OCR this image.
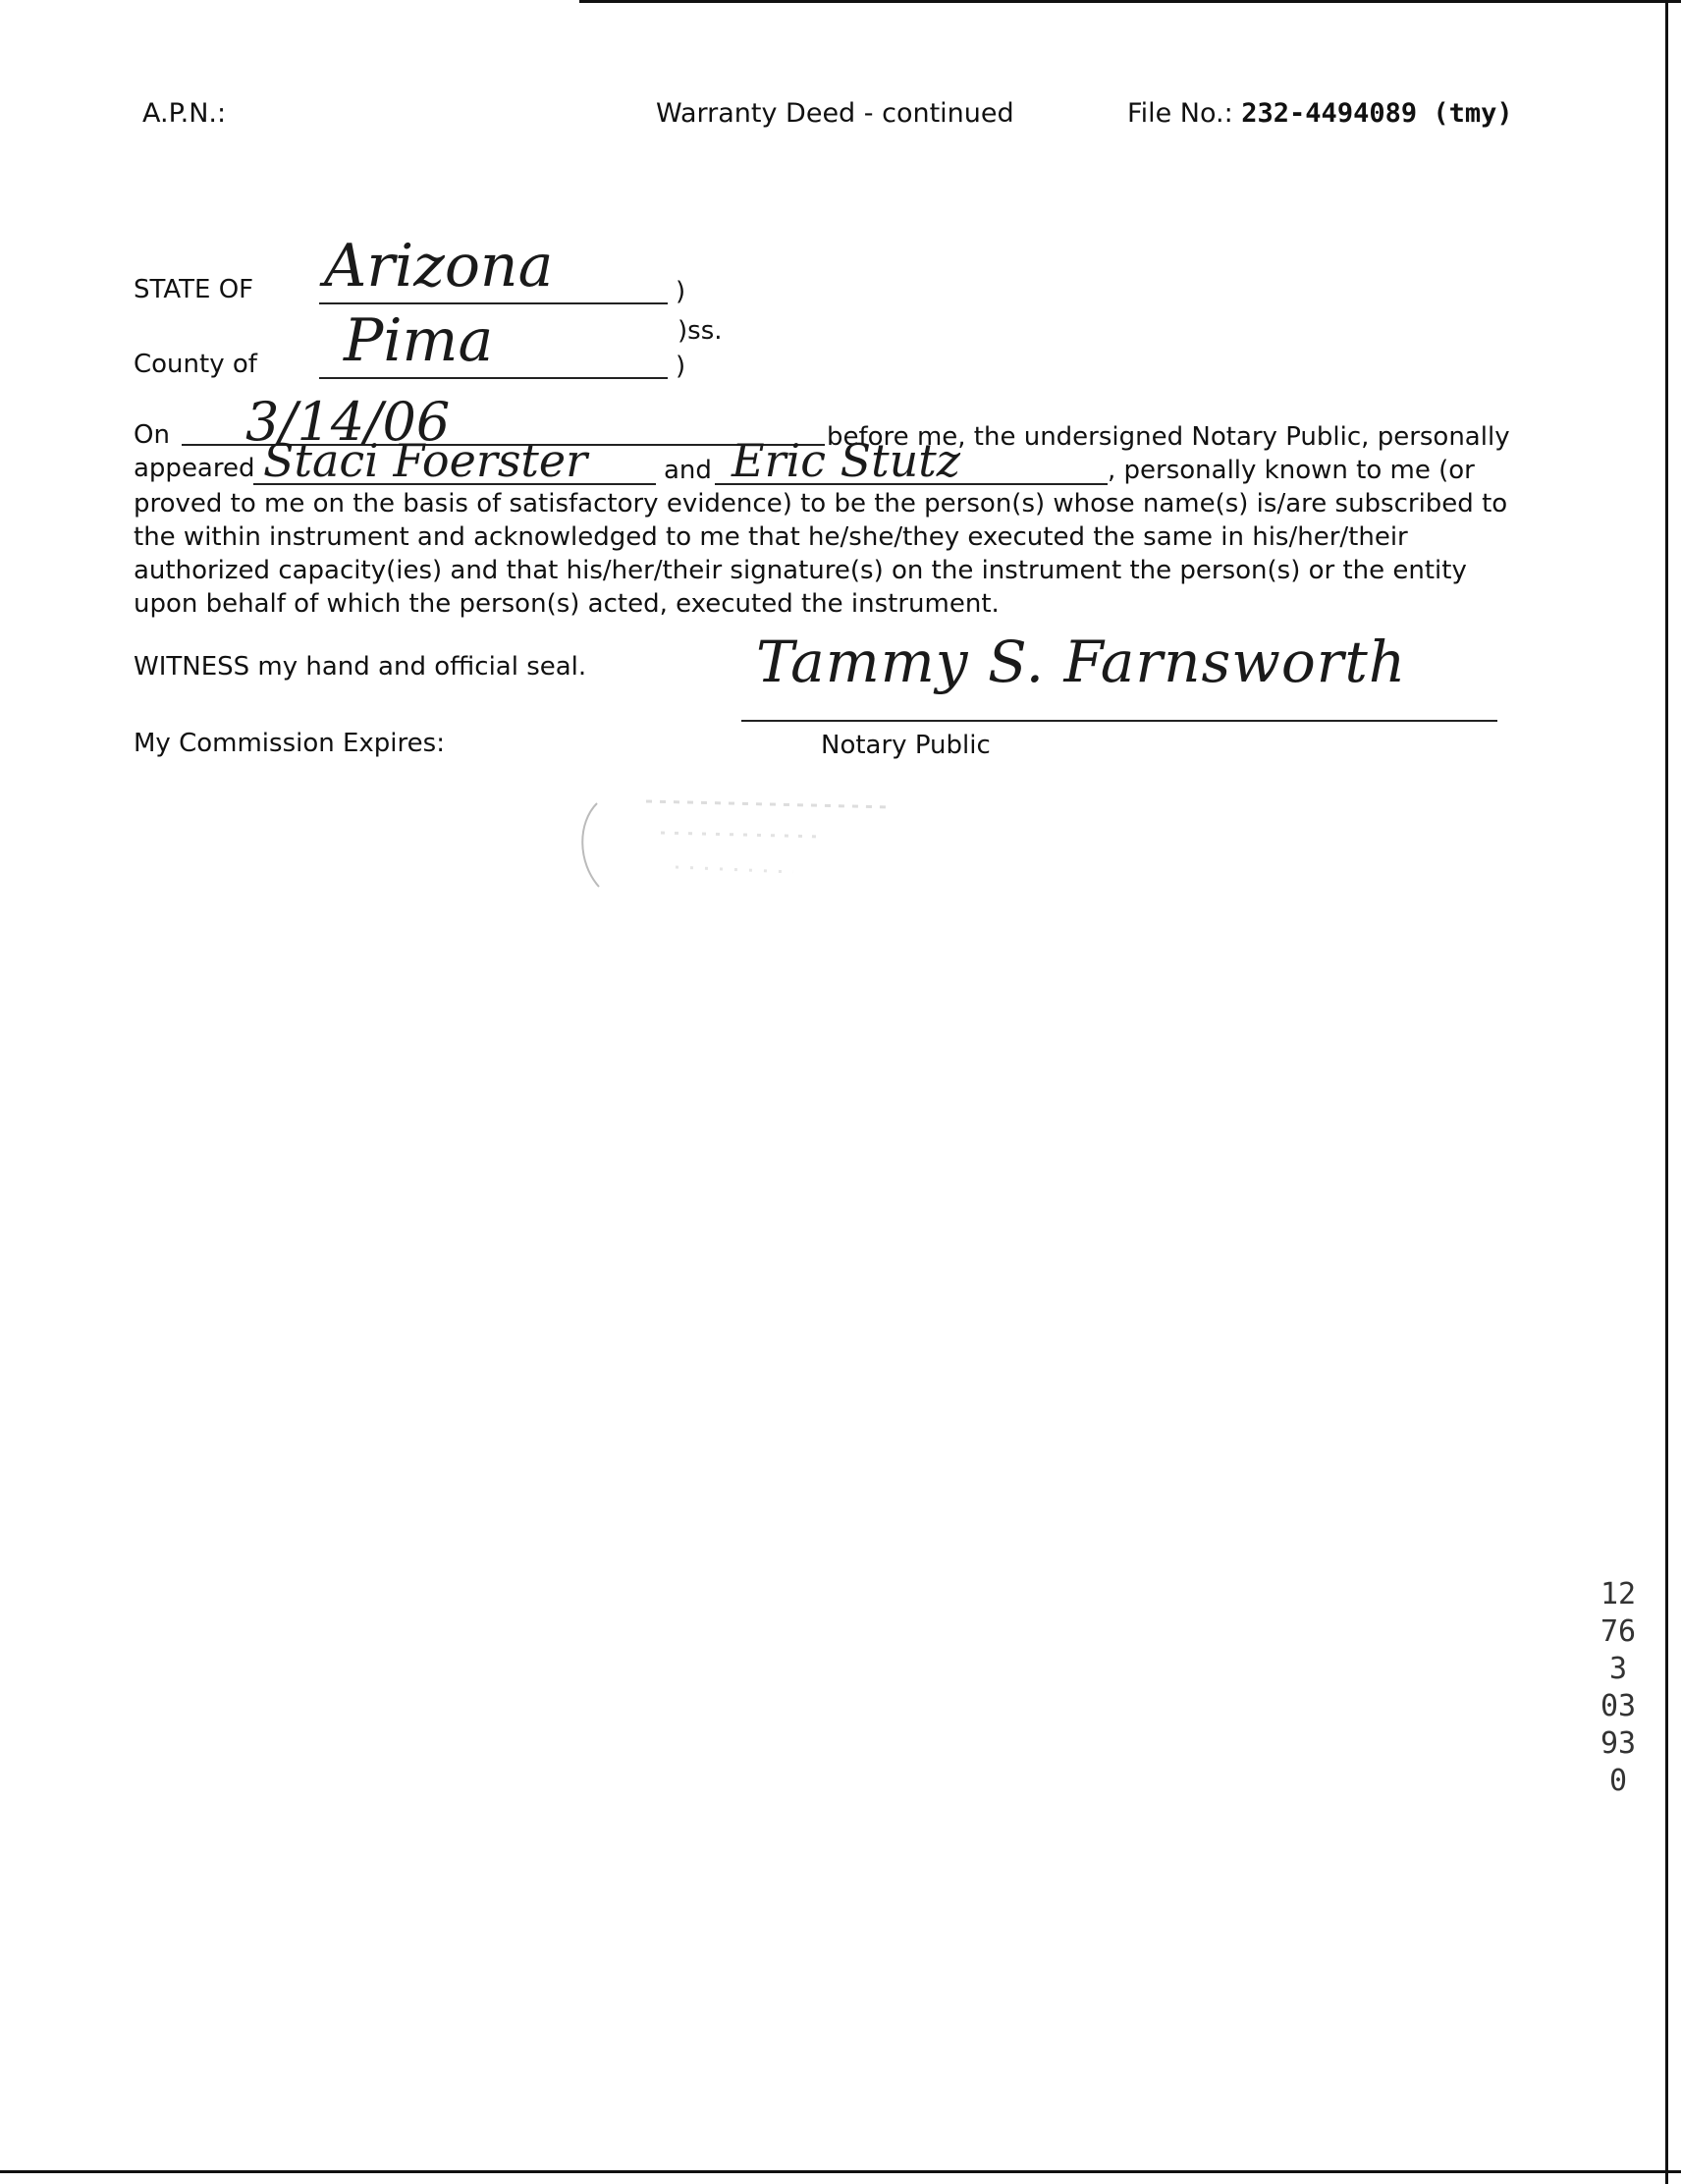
A.P.N.:	Warranty Deed - continued	File No.: 232-4494089 (tmy)
STATE OF Arizona	)
)ss.
County of Pima	)
On 3/14/06	before me, the undersigned Notary Public, personally
appeared Staci Foerster	and Eric Stutz	, personally known to me (or
proved to me on the basis of satisfactory evidence) to be the person(s) whose name(s) is/are subscribed to the within instrument and acknowledged to me that he/she/they executed the same in his/her/their authorized capacity(ies) and that his/her/their signature(s) on the instrument the person(s) or the entity upon behalf of which the person(s) acted, executed the instrument.
WITNESS my hand and official seal.
My Commission Expires:
Tammy S. Farnsworth
Notary Public
12763 03930
